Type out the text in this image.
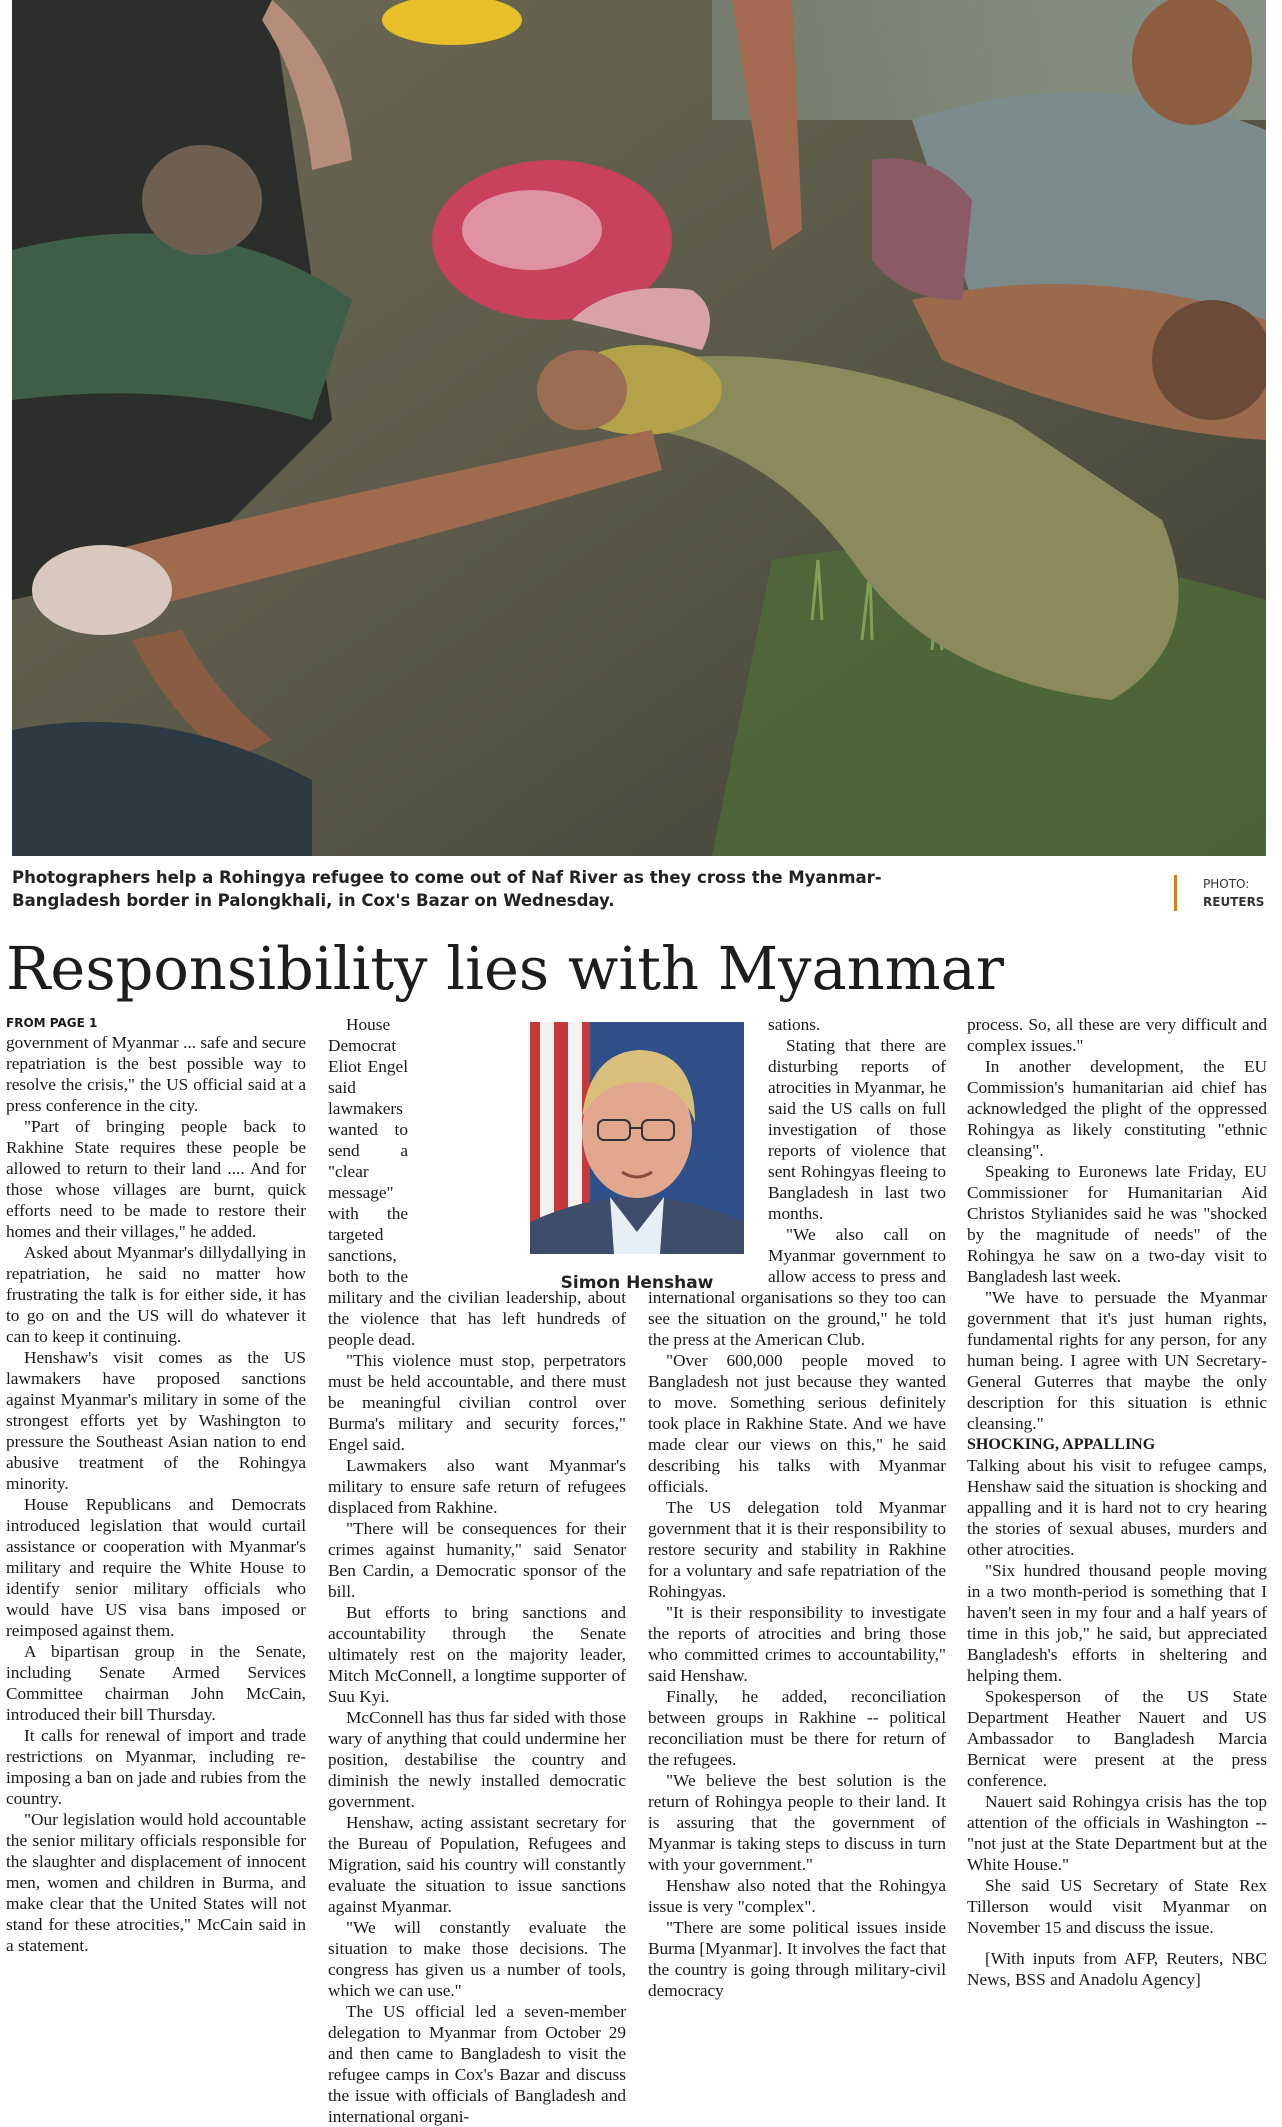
Photographers help a Rohingya refugee to come out of Naf River as they cross the Myanmar-Bangladesh border in Palongkhali, in Cox's Bazar on Wednesday.
PHOTO:
REUTERS
Responsibility lies with Myanmar
Simon Henshaw

FROM PAGE 1

government of Myanmar ... safe and secure repatriation is the best possible way to resolve the crisis," the US official said at a press conference in the city.

"Part of bringing people back to Rakhine State requires these people be allowed to return to their land .... And for those whose villages are burnt, quick efforts need to be made to restore their homes and their villages," he added.

Asked about Myanmar's dillydallying in repatriation, he said no matter how frustrating the talk is for either side, it has to go on and the US will do whatever it can to keep it continuing.

Henshaw's visit comes as the US lawmakers have proposed sanctions against Myanmar's military in some of the strongest efforts yet by Washington to pressure the Southeast Asian nation to end abusive treatment of the Rohingya minority.

House Republicans and Democrats introduced legislation that would curtail assistance or cooperation with Myanmar's military and require the White House to identify senior military officials who would have US visa bans imposed or reimposed against them.

A bipartisan group in the Senate, including Senate Armed Services Committee chairman John McCain, introduced their bill Thursday.

It calls for renewal of import and trade restrictions on Myanmar, including re-imposing a ban on jade and rubies from the country.

"Our legislation would hold accountable the senior military officials responsible for the slaughter and displacement of innocent men, women and children in Burma, and make clear that the United States will not stand for these atrocities," McCain said in a statement.

House Democrat Eliot Engel said lawmakers wanted to send a "clear message" with the targeted sanctions, both to the military and the civilian leadership, about the violence that has left hundreds of people dead.

"This violence must stop, perpetrators must be held accountable, and there must be meaningful civilian control over Burma's military and security forces," Engel said.

Lawmakers also want Myanmar's military to ensure safe return of refugees displaced from Rakhine.

"There will be consequences for their crimes against humanity," said Senator Ben Cardin, a Democratic sponsor of the bill.

But efforts to bring sanctions and accountability through the Senate ultimately rest on the majority leader, Mitch McConnell, a longtime supporter of Suu Kyi.

McConnell has thus far sided with those wary of anything that could undermine her position, destabilise the country and diminish the newly installed democratic government.

Henshaw, acting assistant secretary for the Bureau of Population, Refugees and Migration, said his country will constantly evaluate the situation to issue sanctions against Myanmar.

"We will constantly evaluate the situation to make those decisions. The congress has given us a number of tools, which we can use."

The US official led a seven-member delegation to Myanmar from October 29 and then came to Bangladesh to visit the refugee camps in Cox's Bazar and discuss the issue with officials of Bangladesh and international organi-

sations.

Stating that there are disturbing reports of atrocities in Myanmar, he said the US calls on full investigation of those reports of violence that sent Rohingyas fleeing to Bangladesh in last two months.

"We also call on Myanmar government to allow access to press and international organisations so they too can see the situation on the ground," he told the press at the American Club.

"Over 600,000 people moved to Bangladesh not just because they wanted to move. Something serious definitely took place in Rakhine State. And we have made clear our views on this," he said describing his talks with Myanmar officials.

The US delegation told Myanmar government that it is their responsibility to restore security and stability in Rakhine for a voluntary and safe repatriation of the Rohingyas.

"It is their responsibility to investigate the reports of atrocities and bring those who committed crimes to accountability," said Henshaw.

Finally, he added, reconciliation between groups in Rakhine -- political reconciliation must be there for return of the refugees.

"We believe the best solution is the return of Rohingya people to their land. It is assuring that the government of Myanmar is taking steps to discuss in turn with your government."

Henshaw also noted that the Rohingya issue is very "complex".

"There are some political issues inside Burma [Myanmar]. It involves the fact that the country is going through military-civil democracy

process. So, all these are very difficult and complex issues."

In another development, the EU Commission's humanitarian aid chief has acknowledged the plight of the oppressed Rohingya as likely constituting "ethnic cleansing".

Speaking to Euronews late Friday, EU Commissioner for Humanitarian Aid Christos Stylianides said he was "shocked by the magnitude of needs" of the Rohingya he saw on a two-day visit to Bangladesh last week.

"We have to persuade the Myanmar government that it's just human rights, fundamental rights for any person, for any human being. I agree with UN Secretary-General Guterres that maybe the only description for this situation is ethnic cleansing."

SHOCKING, APPALLING

Talking about his visit to refugee camps, Henshaw said the situation is shocking and appalling and it is hard not to cry hearing the stories of sexual abuses, murders and other atrocities.

"Six hundred thousand people moving in a two month-period is something that I haven't seen in my four and a half years of time in this job," he said, but appreciated Bangladesh's efforts in sheltering and helping them.

Spokesperson of the US State Department Heather Nauert and US Ambassador to Bangladesh Marcia Bernicat were present at the press conference.

Nauert said Rohingya crisis has the top attention of the officials in Washington -- "not just at the State Department but at the White House."

She said US Secretary of State Rex Tillerson would visit Myanmar on November 15 and discuss the issue.

[With inputs from AFP, Reuters, NBC News, BSS and Anadolu Agency]
